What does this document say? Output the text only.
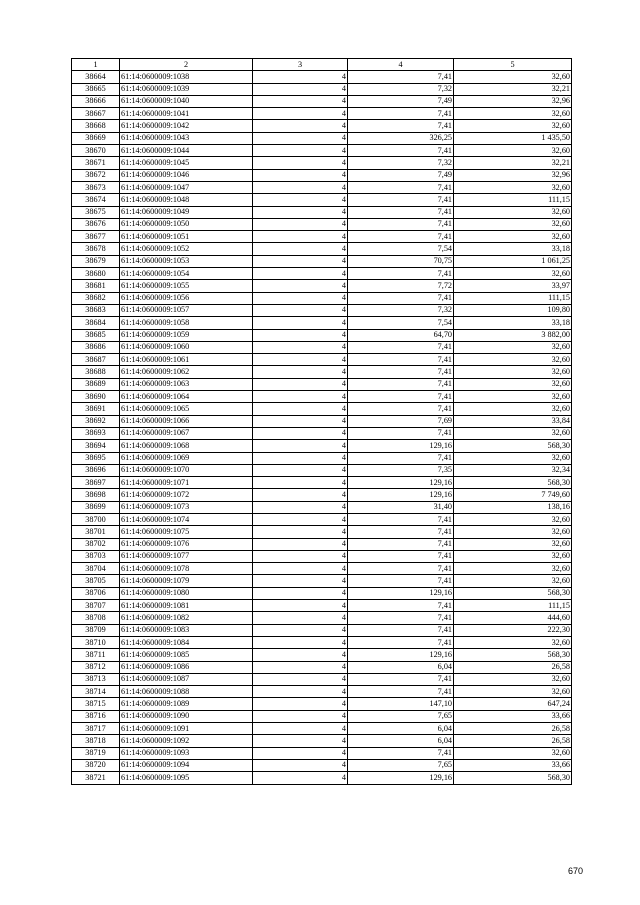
1	2	3	4	5
38664	61:14:0600009:1038	4	7,41	32,60
38665	61:14:0600009:1039	4	7,32	32,21
38666	61:14:0600009:1040	4	7,49	32,96
38667	61:14:0600009:1041	4	7,41	32,60
38668	61:14:0600009:1042	4	7,41	32,60
38669	61:14:0600009:1043	4	326,25	1 435,50
38670	61:14:0600009:1044	4	7,41	32,60
38671	61:14:0600009:1045	4	7,32	32,21
38672	61:14:0600009:1046	4	7,49	32,96
38673	61:14:0600009:1047	4	7,41	32,60
38674	61:14:0600009:1048	4	7,41	111,15
38675	61:14:0600009:1049	4	7,41	32,60
38676	61:14:0600009:1050	4	7,41	32,60
38677	61:14:0600009:1051	4	7,41	32,60
38678	61:14:0600009:1052	4	7,54	33,18
38679	61:14:0600009:1053	4	70,75	1 061,25
38680	61:14:0600009:1054	4	7,41	32,60
38681	61:14:0600009:1055	4	7,72	33,97
38682	61:14:0600009:1056	4	7,41	111,15
38683	61:14:0600009:1057	4	7,32	109,80
38684	61:14:0600009:1058	4	7,54	33,18
38685	61:14:0600009:1059	4	64,70	3 882,00
38686	61:14:0600009:1060	4	7,41	32,60
38687	61:14:0600009:1061	4	7,41	32,60
38688	61:14:0600009:1062	4	7,41	32,60
38689	61:14:0600009:1063	4	7,41	32,60
38690	61:14:0600009:1064	4	7,41	32,60
38691	61:14:0600009:1065	4	7,41	32,60
38692	61:14:0600009:1066	4	7,69	33,84
38693	61:14:0600009:1067	4	7,41	32,60
38694	61:14:0600009:1068	4	129,16	568,30
38695	61:14:0600009:1069	4	7,41	32,60
38696	61:14:0600009:1070	4	7,35	32,34
38697	61:14:0600009:1071	4	129,16	568,30
38698	61:14:0600009:1072	4	129,16	7 749,60
38699	61:14:0600009:1073	4	31,40	138,16
38700	61:14:0600009:1074	4	7,41	32,60
38701	61:14:0600009:1075	4	7,41	32,60
38702	61:14:0600009:1076	4	7,41	32,60
38703	61:14:0600009:1077	4	7,41	32,60
38704	61:14:0600009:1078	4	7,41	32,60
38705	61:14:0600009:1079	4	7,41	32,60
38706	61:14:0600009:1080	4	129,16	568,30
38707	61:14:0600009:1081	4	7,41	111,15
38708	61:14:0600009:1082	4	7,41	444,60
38709	61:14:0600009:1083	4	7,41	222,30
38710	61:14:0600009:1084	4	7,41	32,60
38711	61:14:0600009:1085	4	129,16	568,30
38712	61:14:0600009:1086	4	6,04	26,58
38713	61:14:0600009:1087	4	7,41	32,60
38714	61:14:0600009:1088	4	7,41	32,60
38715	61:14:0600009:1089	4	147,10	647,24
38716	61:14:0600009:1090	4	7,65	33,66
38717	61:14:0600009:1091	4	6,04	26,58
38718	61:14:0600009:1092	4	6,04	26,58
38719	61:14:0600009:1093	4	7,41	32,60
38720	61:14:0600009:1094	4	7,65	33,66
38721	61:14:0600009:1095	4	129,16	568,30
670
